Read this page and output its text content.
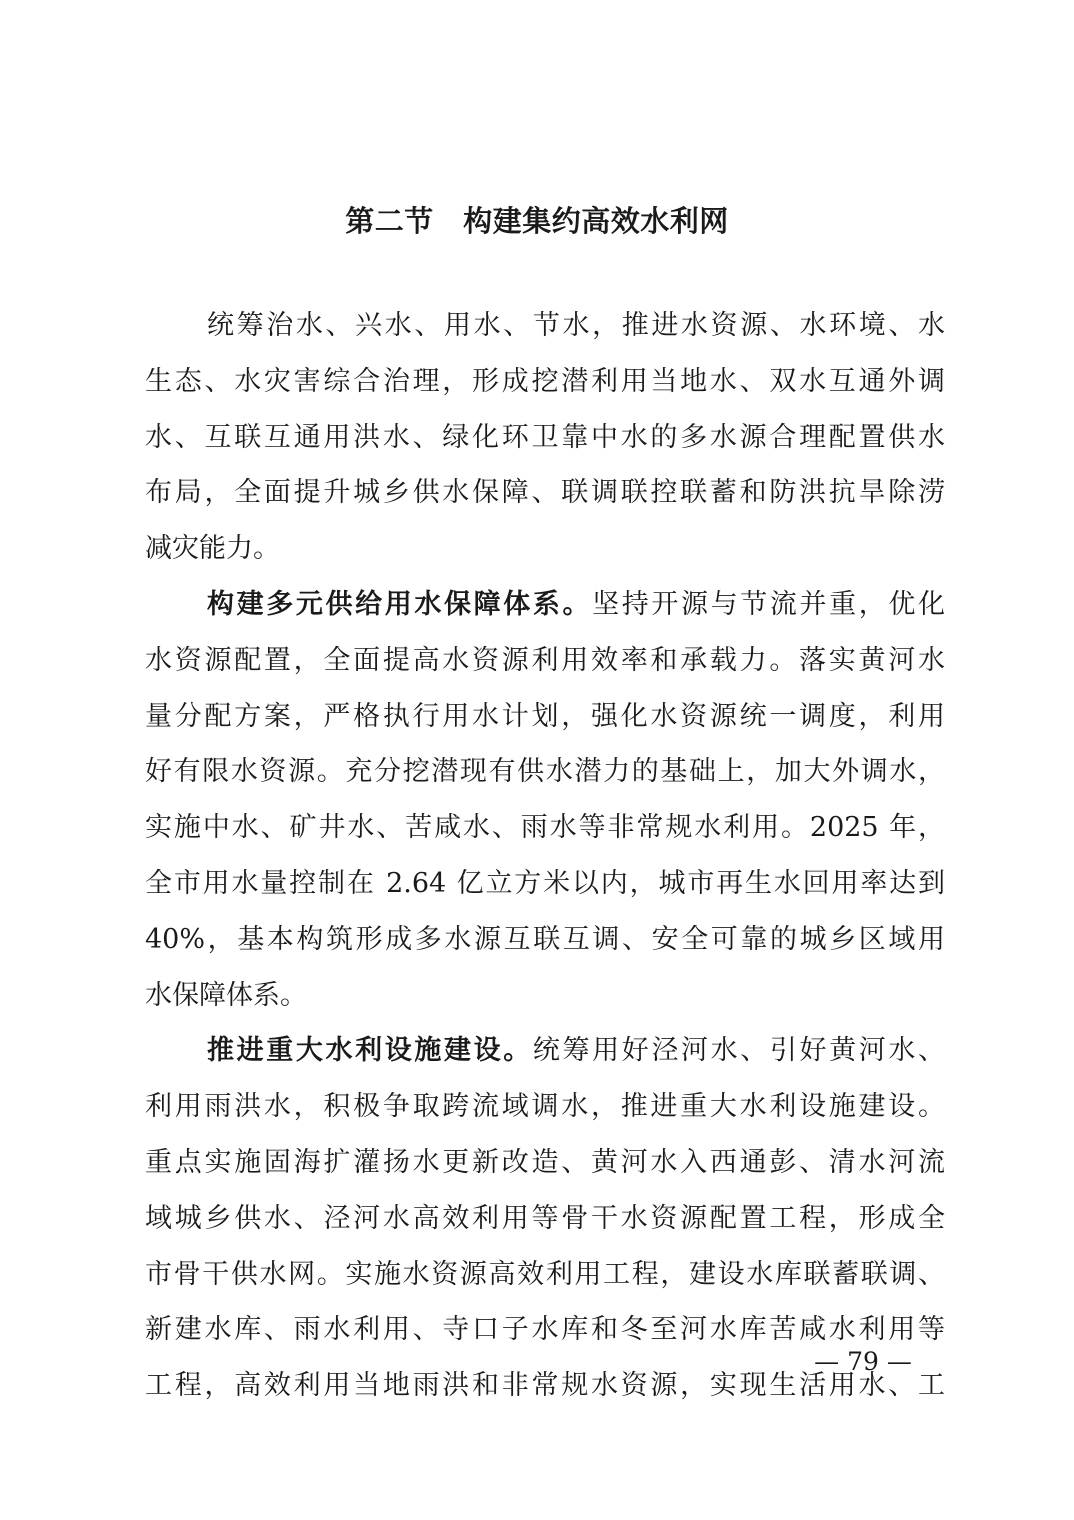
第二节　构建集约高效水利网
统筹治水、兴水、用水、节水，推进水资源、水环境、水
生态、水灾害综合治理，形成挖潜利用当地水、双水互通外调
水、互联互通用洪水、绿化环卫靠中水的多水源合理配置供水
布局，全面提升城乡供水保障、联调联控联蓄和防洪抗旱除涝
减灾能力。
构建多元供给用水保障体系。坚持开源与节流并重，优化
水资源配置，全面提高水资源利用效率和承载力。落实黄河水
量分配方案，严格执行用水计划，强化水资源统一调度，利用
好有限水资源。充分挖潜现有供水潜力的基础上，加大外调水，
实施中水、矿井水、苦咸水、雨水等非常规水利用。2025 年，
全市用水量控制在 2.64 亿立方米以内，城市再生水回用率达到
40%，基本构筑形成多水源互联互调、安全可靠的城乡区域用
水保障体系。
推进重大水利设施建设。统筹用好泾河水、引好黄河水、
利用雨洪水，积极争取跨流域调水，推进重大水利设施建设。
重点实施固海扩灌扬水更新改造、黄河水入西通彭、清水河流
域城乡供水、泾河水高效利用等骨干水资源配置工程，形成全
市骨干供水网。实施水资源高效利用工程，建设水库联蓄联调、
新建水库、雨水利用、寺口子水库和冬至河水库苦咸水利用等
工程，高效利用当地雨洪和非常规水资源，实现生活用水、工
— 79 —
